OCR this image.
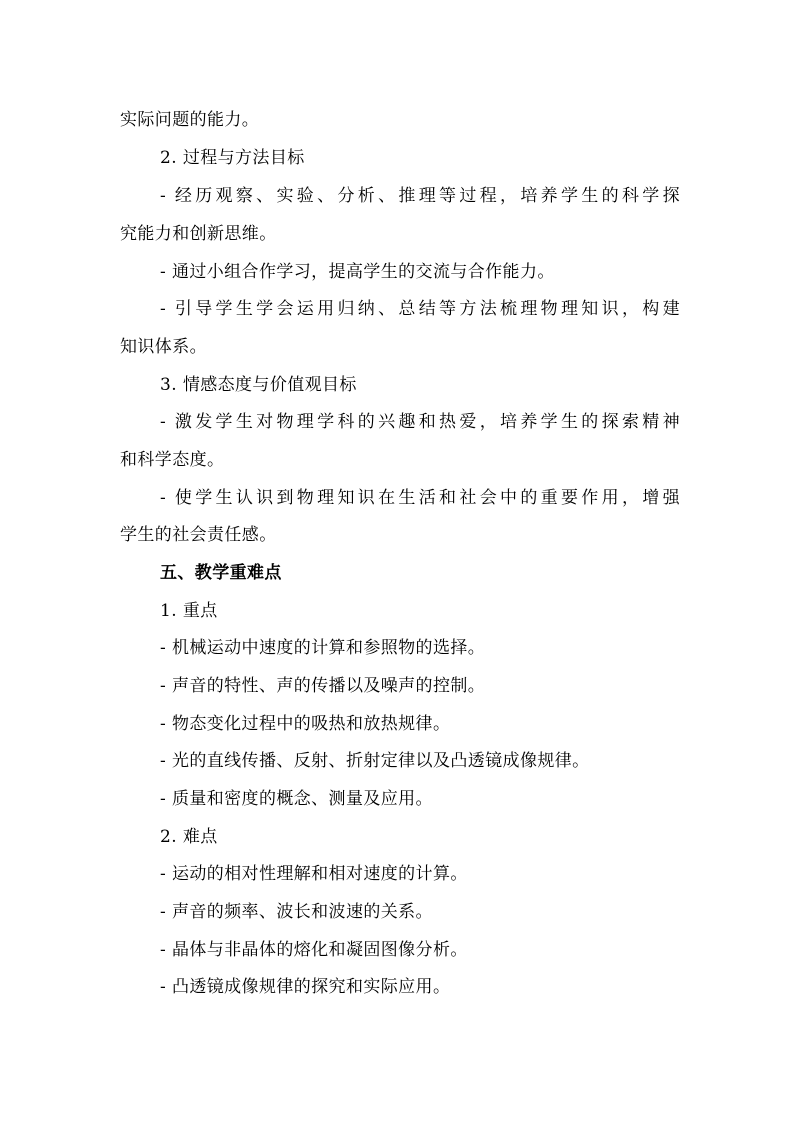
实际问题的能力。
2. 过程与方法目标
- 经历观察、实验、分析、推理等过程，培养学生的科学探
究能力和创新思维。
- 通过小组合作学习，提高学生的交流与合作能力。
- 引导学生学会运用归纳、总结等方法梳理物理知识，构建
知识体系。
3. 情感态度与价值观目标
- 激发学生对物理学科的兴趣和热爱，培养学生的探索精神
和科学态度。
- 使学生认识到物理知识在生活和社会中的重要作用，增强
学生的社会责任感。
五、教学重难点
1. 重点
- 机械运动中速度的计算和参照物的选择。
- 声音的特性、声的传播以及噪声的控制。
- 物态变化过程中的吸热和放热规律。
- 光的直线传播、反射、折射定律以及凸透镜成像规律。
- 质量和密度的概念、测量及应用。
2. 难点
- 运动的相对性理解和相对速度的计算。
- 声音的频率、波长和波速的关系。
- 晶体与非晶体的熔化和凝固图像分析。
- 凸透镜成像规律的探究和实际应用。
